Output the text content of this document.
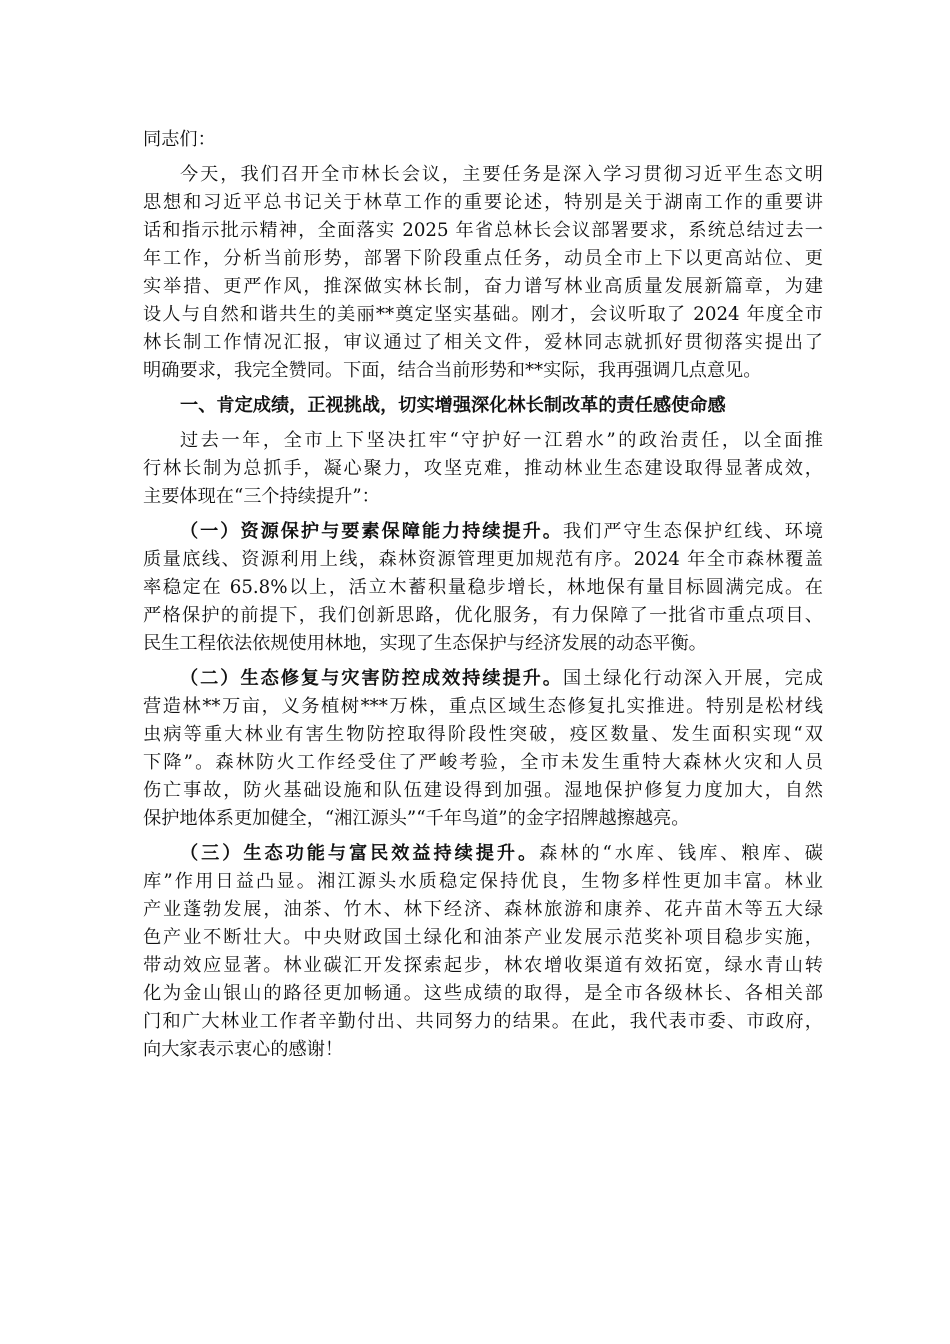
同志们：
今天，我们召开全市林长会议，主要任务是深入学习贯彻习近平生态文明
思想和习近平总书记关于林草工作的重要论述，特别是关于湖南工作的重要讲
话和指示批示精神，全面落实 2025 年省总林长会议部署要求，系统总结过去一
年工作，分析当前形势，部署下阶段重点任务，动员全市上下以更高站位、更
实举措、更严作风，推深做实林长制，奋力谱写林业高质量发展新篇章，为建
设人与自然和谐共生的美丽**奠定坚实基础。刚才，会议听取了 2024 年度全市
林长制工作情况汇报，审议通过了相关文件，爱林同志就抓好贯彻落实提出了
明确要求，我完全赞同。下面，结合当前形势和**实际，我再强调几点意见。
一、肯定成绩，正视挑战，切实增强深化林长制改革的责任感使命感
过去一年，全市上下坚决扛牢“守护好一江碧水”的政治责任，以全面推
行林长制为总抓手，凝心聚力，攻坚克难，推动林业生态建设取得显著成效，
主要体现在“三个持续提升”：
（一）资源保护与要素保障能力持续提升。我们严守生态保护红线、环境
质量底线、资源利用上线，森林资源管理更加规范有序。2024 年全市森林覆盖
率稳定在 65.8%以上，活立木蓄积量稳步增长，林地保有量目标圆满完成。在
严格保护的前提下，我们创新思路，优化服务，有力保障了一批省市重点项目、
民生工程依法依规使用林地，实现了生态保护与经济发展的动态平衡。
（二）生态修复与灾害防控成效持续提升。国土绿化行动深入开展，完成
营造林**万亩，义务植树***万株，重点区域生态修复扎实推进。特别是松材线
虫病等重大林业有害生物防控取得阶段性突破，疫区数量、发生面积实现“双
下降”。森林防火工作经受住了严峻考验，全市未发生重特大森林火灾和人员
伤亡事故，防火基础设施和队伍建设得到加强。湿地保护修复力度加大，自然
保护地体系更加健全，“湘江源头”“千年鸟道”的金字招牌越擦越亮。
（三）生态功能与富民效益持续提升。森林的“水库、钱库、粮库、碳
库”作用日益凸显。湘江源头水质稳定保持优良，生物多样性更加丰富。林业
产业蓬勃发展，油茶、竹木、林下经济、森林旅游和康养、花卉苗木等五大绿
色产业不断壮大。中央财政国土绿化和油茶产业发展示范奖补项目稳步实施，
带动效应显著。林业碳汇开发探索起步，林农增收渠道有效拓宽，绿水青山转
化为金山银山的路径更加畅通。这些成绩的取得，是全市各级林长、各相关部
门和广大林业工作者辛勤付出、共同努力的结果。在此，我代表市委、市政府，
向大家表示衷心的感谢！
